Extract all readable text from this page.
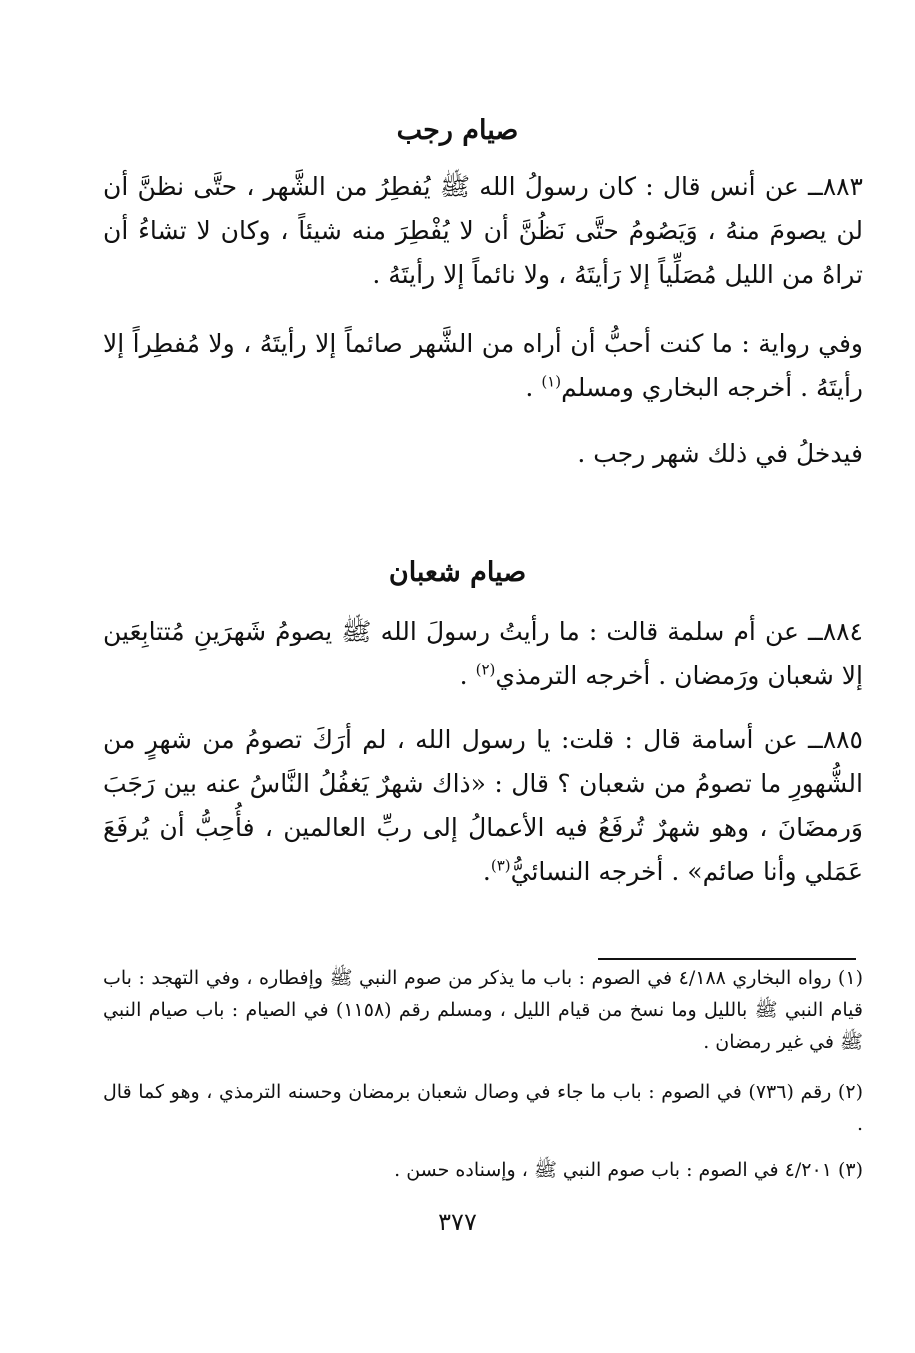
صيام رجب
٨٨٣ــ عن أنس قال : كان رسولُ الله ﷺ يُفطِرُ من الشَّهر ، حتَّى نظنَّ أن لن يصومَ منهُ ، وَيَصُومُ حتَّى نَظُنَّ أن لا يُفْطِرَ منه شيئاً ، وكان لا تشاءُ أن تراهُ من الليل مُصَلِّياً إلا رَأيتَهُ ، ولا نائماً إلا رأيتَهُ .
وفي رواية : ما كنت أحبُّ أن أراه من الشَّهر صائماً إلا رأيتَهُ ، ولا مُفطِراً إلا رأيتَهُ . أخرجه البخاري ومسلم$^{(١)}$ .
فيدخلُ في ذلك شهر رجب .
صيام شعبان
٨٨٤ــ عن أم سلمة قالت : ما رأيتُ رسولَ الله ﷺ يصومُ شَهرَينِ مُتتابِعَين إلا شعبان ورَمضان . أخرجه الترمذي$^{(٢)}$ .
٨٨٥ــ عن أسامة قال : قلت: يا رسول الله ، لم أرَكَ تصومُ من شهرٍ من الشُّهورِ ما تصومُ من شعبان ؟ قال : «ذاك شهرٌ يَغفُلُ النَّاسُ عنه بين رَجَبَ وَرمضَانَ ، وهو شهرٌ تُرفَعُ فيه الأعمالُ إلى ربِّ العالمين ، فأُحِبُّ أن يُرفَعَ عَمَلي وأنا صائم» . أخرجه النسائيُّ$^{(٣)}$.
(١) رواه البخاري ٤/١٨٨ في الصوم : باب ما يذكر من صوم النبي ﷺ وإفطاره ، وفي التهجد : باب قيام النبي ﷺ بالليل وما نسخ من قيام الليل ، ومسلم رقم (١١٥٨) في الصيام : باب صيام النبي ﷺ في غير رمضان .
(٢) رقم (٧٣٦) في الصوم : باب ما جاء في وصال شعبان برمضان وحسنه الترمذي ، وهو كما قال .
(٣) ٤/٢٠١ في الصوم : باب صوم النبي ﷺ ، وإسناده حسن .
٣٧٧
